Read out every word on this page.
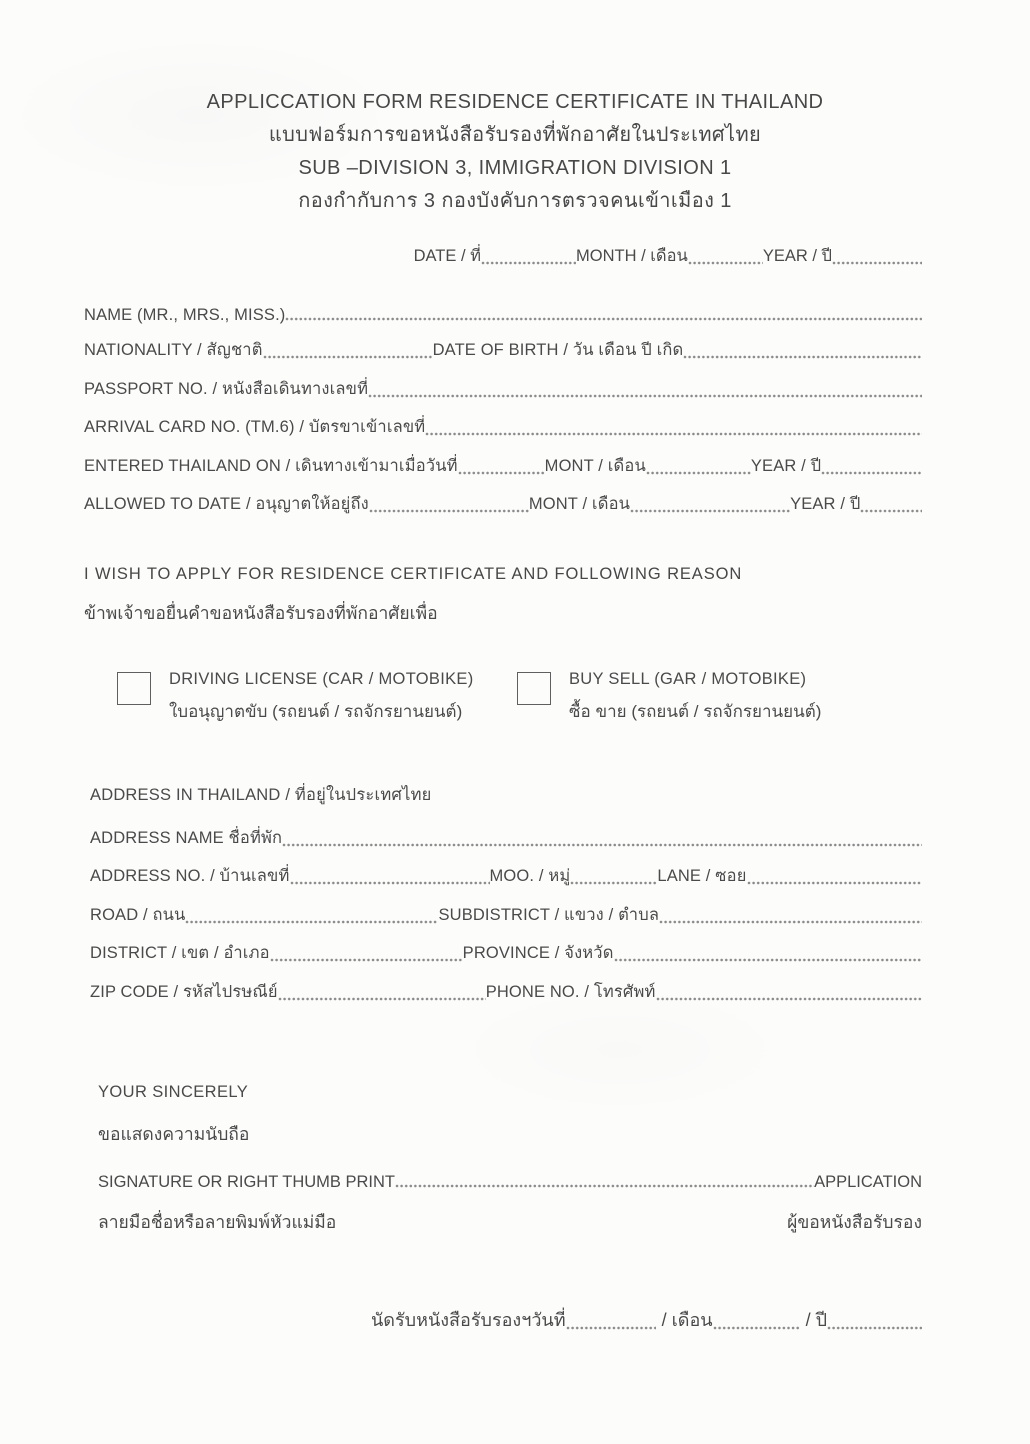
APPLICCATION FORM RESIDENCE CERTIFICATE IN THAILAND
แบบฟอร์มการขอหนังสือรับรองที่พักอาศัยในประเทศไทย
SUB –DIVISION 3, IMMIGRATION DIVISION 1
กองกำกับการ 3 กองบังคับการตรวจคนเข้าเมือง 1
DATE / ที่	MONTH / เดือน	YEAR / ปี
NAME (MR., MRS., MISS.)
NATIONALITY / สัญชาติ	DATE OF BIRTH / วัน เดือน ปี เกิด
PASSPORT NO. / หนังสือเดินทางเลขที่
ARRIVAL CARD NO. (TM.6) / บัตรขาเข้าเลขที่
ENTERED THAILAND ON / เดินทางเข้ามาเมื่อวันที่	MONT / เดือน	YEAR / ปี
ALLOWED TO DATE / อนุญาตให้อยู่ถึง	MONT / เดือน	YEAR / ปี
I WISH TO APPLY FOR RESIDENCE CERTIFICATE AND FOLLOWING REASON
ข้าพเจ้าขอยื่นคำขอหนังสือรับรองที่พักอาศัยเพื่อ
DRIVING LICENSE (CAR / MOTOBIKE)
ใบอนุญาตขับ (รถยนต์ / รถจักรยานยนต์)
BUY SELL (GAR / MOTOBIKE)
ซื้อ ขาย (รถยนต์ / รถจักรยานยนต์)
ADDRESS IN THAILAND / ที่อยู่ในประเทศไทย
ADDRESS NAME ชื่อที่พัก
ADDRESS NO. / บ้านเลขที่	MOO. / หมู่	LANE / ซอย
ROAD / ถนน	SUBDISTRICT / แขวง / ตำบล
DISTRICT / เขต / อำเภอ	PROVINCE / จังหวัด
ZIP CODE / รหัสไปรษณีย์	PHONE NO. / โทรศัพท์
YOUR SINCERELY
ขอแสดงความนับถือ
SIGNATURE OR RIGHT THUMB PRINT	APPLICATION
ลายมือชื่อหรือลายพิมพ์หัวแม่มือ	ผู้ขอหนังสือรับรอง
นัดรับหนังสือรับรองฯวันที่	/ เดือน	/ ปี
